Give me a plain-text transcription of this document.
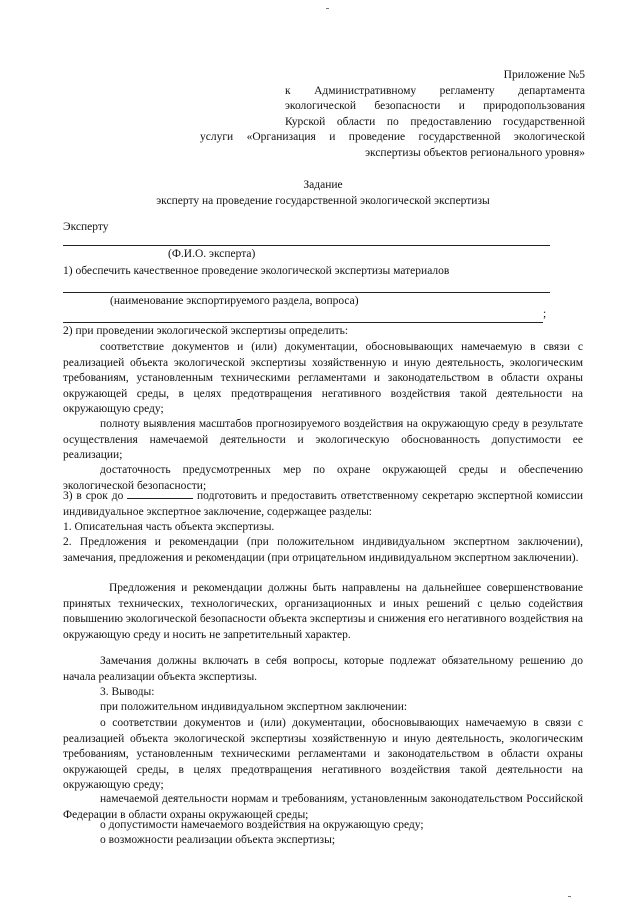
Приложение №5
к Административному регламенту департамента
экологической безопасности и природопользования
Курской области по предоставлению государственной
услуги «Организация и проведение государственной экологической
экспертизы объектов регионального уровня»
Задание
эксперту на проведение государственной экологической экспертизы
Эксперту
(Ф.И.О. эксперта)
1) обеспечить качественное проведение экологической экспертизы материалов
(наименование экспортируемого раздела, вопроса)
;
2) при проведении экологической экспертизы определить:
соответствие документов и (или) документации, обосновывающих намечаемую в связи с реализацией объекта экологической экспертизы хозяйственную и иную деятельность, экологическим требованиям, установленным техническими регламентами и законодательством в области охраны окружающей среды, в целях предотвращения негативного воздействия такой деятельности на окружающую среду;
полноту выявления масштабов прогнозируемого воздействия на окружающую среду в результате осуществления намечаемой деятельности и экологическую обоснованность допустимости ее реализации;
достаточность предусмотренных мер по охране окружающей среды и обеспечению экологической безопасности;
3) в срок до	подготовить и предоставить ответственному секретарю экспертной комиссии индивидуальное экспертное заключение, содержащее разделы:
1. Описательная часть объекта экспертизы.
2. Предложения и рекомендации (при положительном индивидуальном экспертном заключении), замечания, предложения и рекомендации (при отрицательном индивидуальном экспертном заключении).
Предложения и рекомендации должны быть направлены на дальнейшее совершенствование принятых технических, технологических, организационных и иных решений с целью содействия повышению экологической безопасности объекта экспертизы и снижения его негативного воздействия на окружающую среду и носить не запретительный характер.
Замечания должны включать в себя вопросы, которые подлежат обязательному решению до начала реализации объекта экспертизы.
3. Выводы:
при положительном индивидуальном экспертном заключении:
о соответствии документов и (или) документации, обосновывающих намечаемую в связи с реализацией объекта экологической экспертизы хозяйственную и иную деятельность, экологическим требованиям, установленным техническими регламентами и законодательством в области охраны окружающей среды, в целях предотвращения негативного воздействия такой деятельности на окружающую среду;
намечаемой деятельности нормам и требованиям, установленным законодательством Российской Федерации в области охраны окружающей среды;
о допустимости намечаемого воздействия на окружающую среду;
о возможности реализации объекта экспертизы;
